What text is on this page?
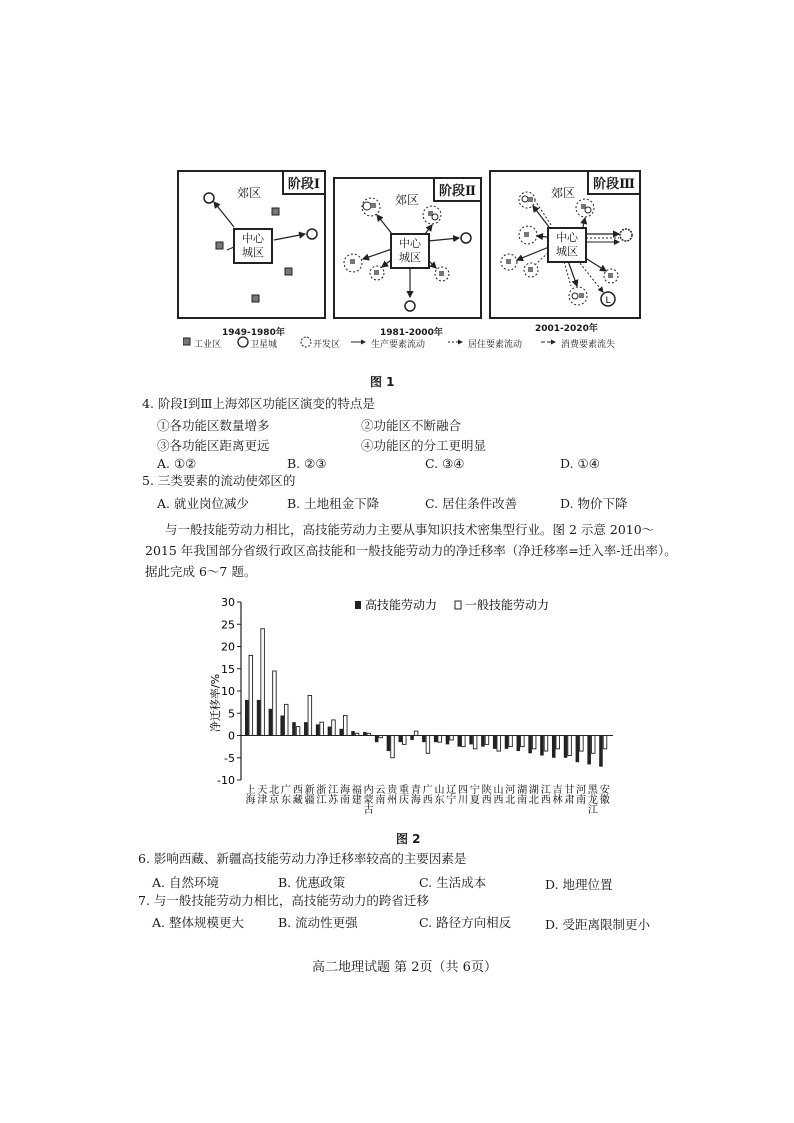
阶段Ⅰ
郊区
中心
城区
阶段Ⅱ
郊区
中心
城区
阶段Ⅲ
郊区
L
中心
城区
1949-1980年	1981-2000年	2001-2020年
工业区	卫星城	开发区	生产要素流动	居住要素流动	消费要素流失
图 1
4. 阶段Ⅰ到Ⅲ上海郊区功能区演变的特点是
①各功能区数量增多	②功能区不断融合
③各功能区距离更远	④功能区的分工更明显
A. ①②	B. ②③	C. ③④	D. ①④
5. 三类要素的流动使郊区的
A. 就业岗位减少	B. 土地租金下降	C. 居住条件改善	D. 物价下降
与一般技能劳动力相比，高技能劳动力主要从事知识技术密集型行业。图 2 示意 2010～
2015 年我国部分省级行政区高技能和一般技能劳动力的净迁移率（净迁移率=迁入率-迁出率）。
据此完成 6～7 题。
-10
-5
0
5
10
15
20
25
30
净迁移率/%
上海 天津 北京 广东 西藏 新疆 浙江 江苏 海南 福建 内蒙古 云南 贵州 重庆 青海 广西 山东 辽宁 四川 宁夏 陕西 山西 河北 湖南 湖北 江西 吉林 甘肃 河南 黑龙江 安徽
高技能劳动力 一般技能劳动力
图 2
6. 影响西藏、新疆高技能劳动力净迁移率较高的主要因素是
A. 自然环境	B. 优惠政策	C. 生活成本	D. 地理位置
7. 与一般技能劳动力相比，高技能劳动力的跨省迁移
A. 整体规模更大	B. 流动性更强	C. 路径方向相反	D. 受距离限制更小
高二地理试题 第 2页（共 6页）
